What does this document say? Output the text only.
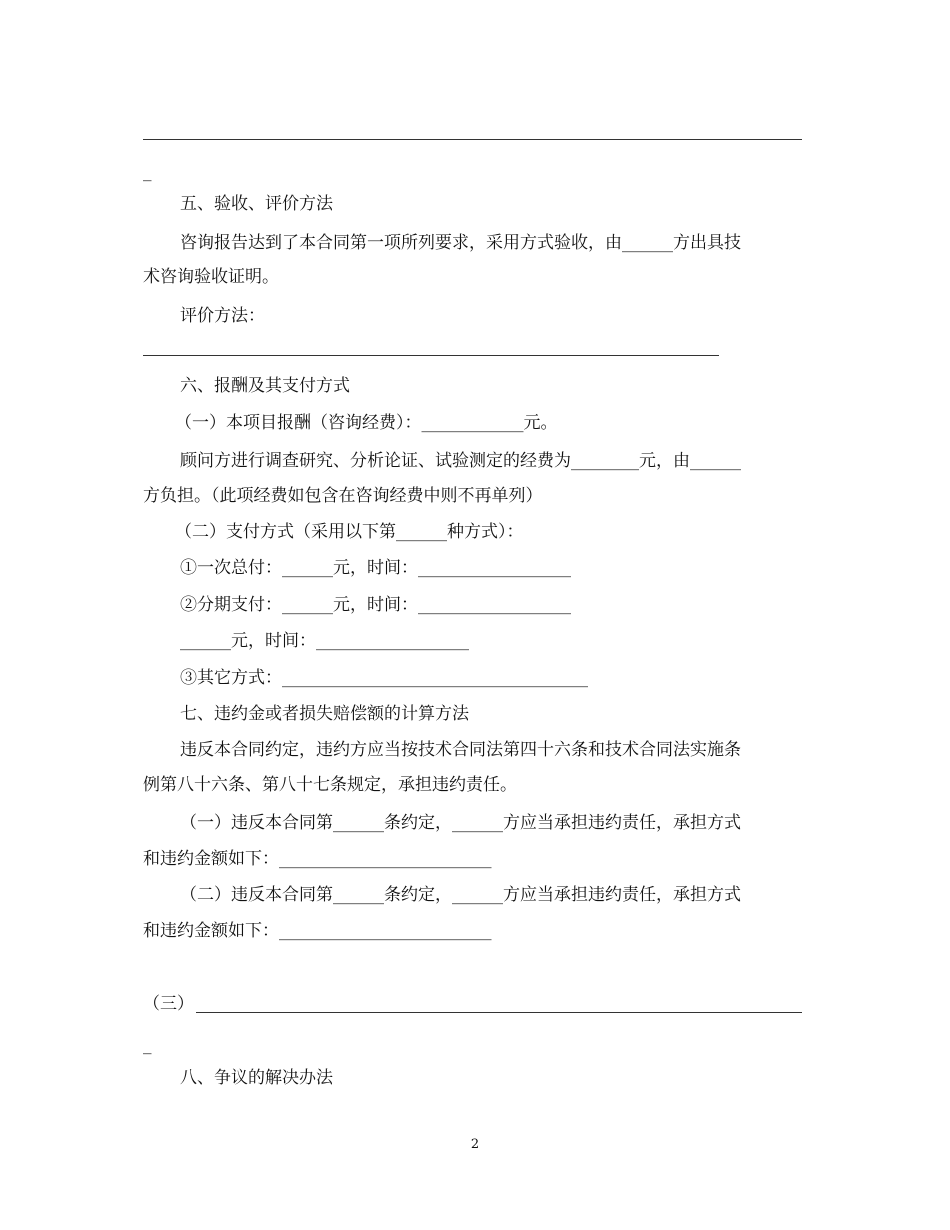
_
五、验收、评价方法
咨询报告达到了本合同第一项所列要求，采用方式验收，由______方出具技
术咨询验收证明。
评价方法：
六、报酬及其支付方式
（一）本项目报酬（咨询经费）：____________元。
顾问方进行调查研究、分析论证、试验测定的经费为________元，由______
方负担。（此项经费如包含在咨询经费中则不再单列）
（二）支付方式（采用以下第______种方式）：
①一次总付：______元，时间：__________________
②分期支付：______元，时间：__________________
______元，时间：__________________
③其它方式：____________________________________
七、违约金或者损失赔偿额的计算方法
违反本合同约定，违约方应当按技术合同法第四十六条和技术合同法实施条
例第八十六条、第八十七条规定，承担违约责任。
（一）违反本合同第______条约定，______方应当承担违约责任，承担方式
和违约金额如下：_________________________
（二）违反本合同第______条约定，______方应当承担违约责任，承担方式
和违约金额如下：_________________________
（三）
_
八、争议的解决办法
2
